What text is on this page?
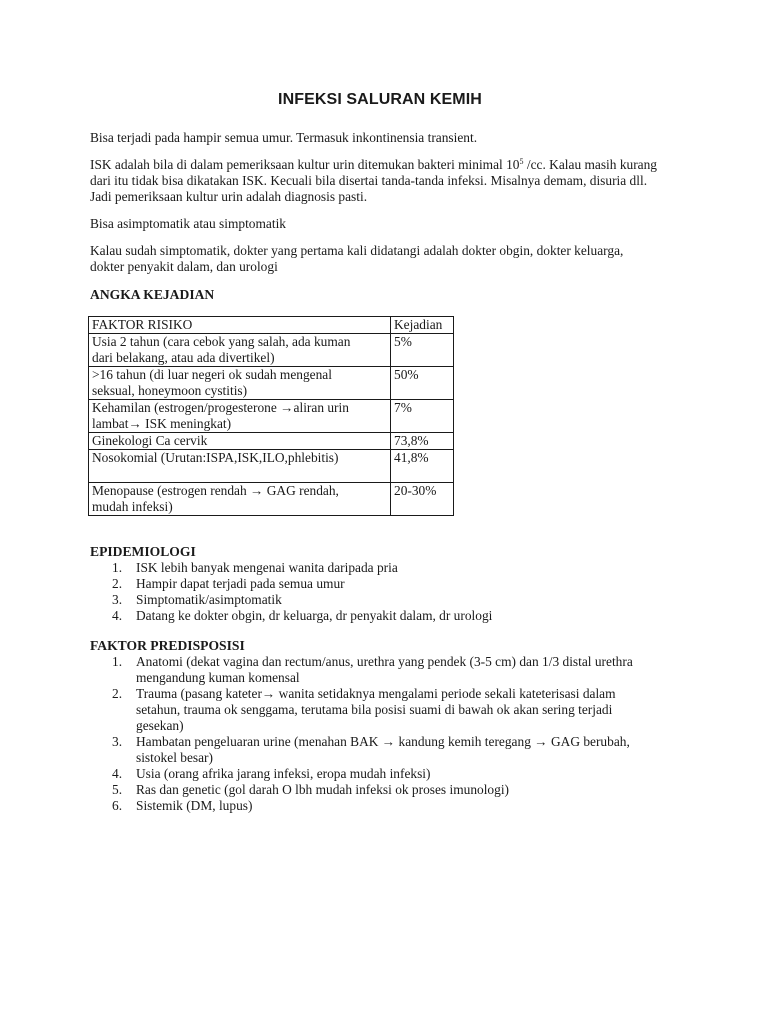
INFEKSI SALURAN KEMIH

Bisa terjadi pada hampir semua umur. Termasuk inkontinensia transient.

ISK adalah bila di dalam pemeriksaan kultur urin ditemukan bakteri minimal $10^5$ /cc. Kalau masih kurang
dari itu tidak bisa dikatakan ISK. Kecuali bila disertai tanda-tanda infeksi. Misalnya demam, disuria dll.
Jadi pemeriksaan kultur urin adalah diagnosis pasti.

Bisa asimptomatik atau simptomatik

Kalau sudah simptomatik, dokter yang pertama kali didatangi adalah dokter obgin, dokter keluarga,
dokter penyakit dalam, dan urologi

ANGKA KEJADIAN
FAKTOR RISIKO	Kejadian
Usia 2 tahun (cara cebok yang salah, ada kuman
dari belakang, atau ada divertikel)	5%
>16 tahun (di luar negeri ok sudah mengenal
seksual, honeymoon cystitis)	50%
Kehamilan (estrogen/progesterone →aliran urin
lambat→ ISK meningkat)	7%
Ginekologi Ca cervik	73,8%
Nosokomial (Urutan:ISPA,ISK,ILO,phlebitis)	41,8%
Menopause (estrogen rendah → GAG rendah,
mudah infeksi)	20-30%
EPIDEMIOLOGI
1. ISK lebih banyak mengenai wanita daripada pria
2. Hampir dapat terjadi pada semua umur
3. Simptomatik/asimptomatik
4. Datang ke dokter obgin, dr keluarga, dr penyakit dalam, dr urologi
FAKTOR PREDISPOSISI
1. Anatomi (dekat vagina dan rectum/anus, urethra yang pendek (3-5 cm) dan 1/3 distal urethra
mengandung kuman komensal
2. Trauma (pasang kateter→ wanita setidaknya mengalami periode sekali kateterisasi dalam
setahun, trauma ok senggama, terutama bila posisi suami di bawah ok akan sering terjadi
gesekan)
3. Hambatan pengeluaran urine (menahan BAK → kandung kemih teregang → GAG berubah,
sistokel besar)
4. Usia (orang afrika jarang infeksi, eropa mudah infeksi)
5. Ras dan genetic (gol darah O lbh mudah infeksi ok proses imunologi)
6. Sistemik (DM, lupus)
